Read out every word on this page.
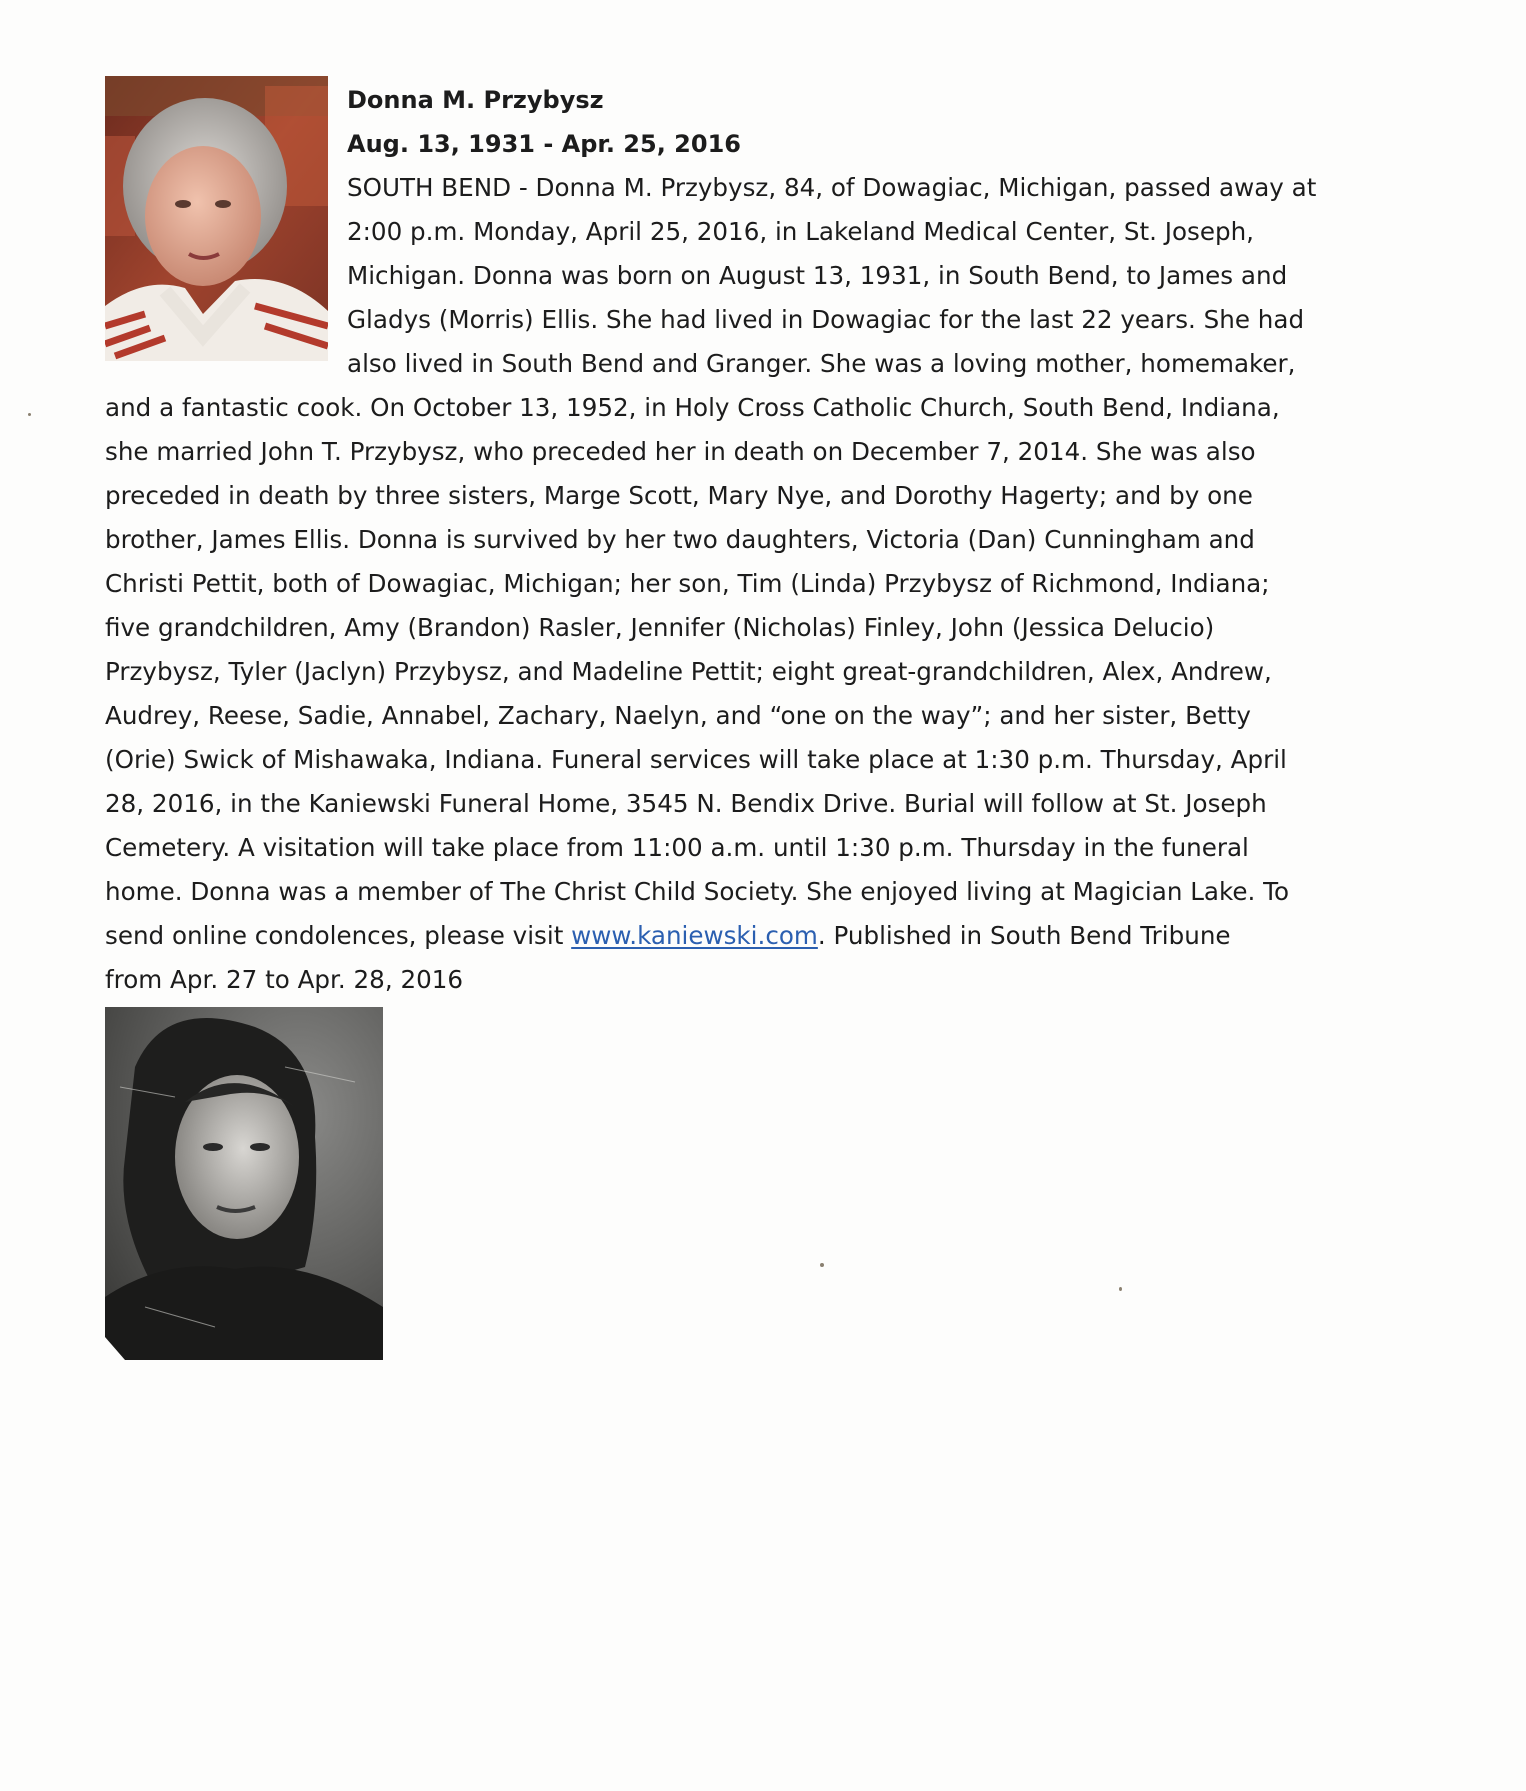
Donna M. Przybysz

Aug. 13, 1931 - Apr. 25, 2016

SOUTH BEND - Donna M. Przybysz, 84, of Dowagiac, Michigan, passed away at
2:00 p.m. Monday, April 25, 2016, in Lakeland Medical Center, St. Joseph,
Michigan. Donna was born on August 13, 1931, in South Bend, to James and
Gladys (Morris) Ellis. She had lived in Dowagiac for the last 22 years. She had
also lived in South Bend and Granger. She was a loving mother, homemaker,
and a fantastic cook. On October 13, 1952, in Holy Cross Catholic Church, South Bend, Indiana,
she married John T. Przybysz, who preceded her in death on December 7, 2014. She was also
preceded in death by three sisters, Marge Scott, Mary Nye, and Dorothy Hagerty; and by one
brother, James Ellis. Donna is survived by her two daughters, Victoria (Dan) Cunningham and
Christi Pettit, both of Dowagiac, Michigan; her son, Tim (Linda) Przybysz of Richmond, Indiana;
five grandchildren, Amy (Brandon) Rasler, Jennifer (Nicholas) Finley, John (Jessica Delucio)
Przybysz, Tyler (Jaclyn) Przybysz, and Madeline Pettit; eight great-grandchildren, Alex, Andrew,
Audrey, Reese, Sadie, Annabel, Zachary, Naelyn, and “one on the way”; and her sister, Betty
(Orie) Swick of Mishawaka, Indiana. Funeral services will take place at 1:30 p.m. Thursday, April
28, 2016, in the Kaniewski Funeral Home, 3545 N. Bendix Drive. Burial will follow at St. Joseph
Cemetery. A visitation will take place from 11:00 a.m. until 1:30 p.m. Thursday in the funeral
home. Donna was a member of The Christ Child Society. She enjoyed living at Magician Lake. To
send online condolences, please visit www.kaniewski.com. Published in South Bend Tribune
from Apr. 27 to Apr. 28, 2016
